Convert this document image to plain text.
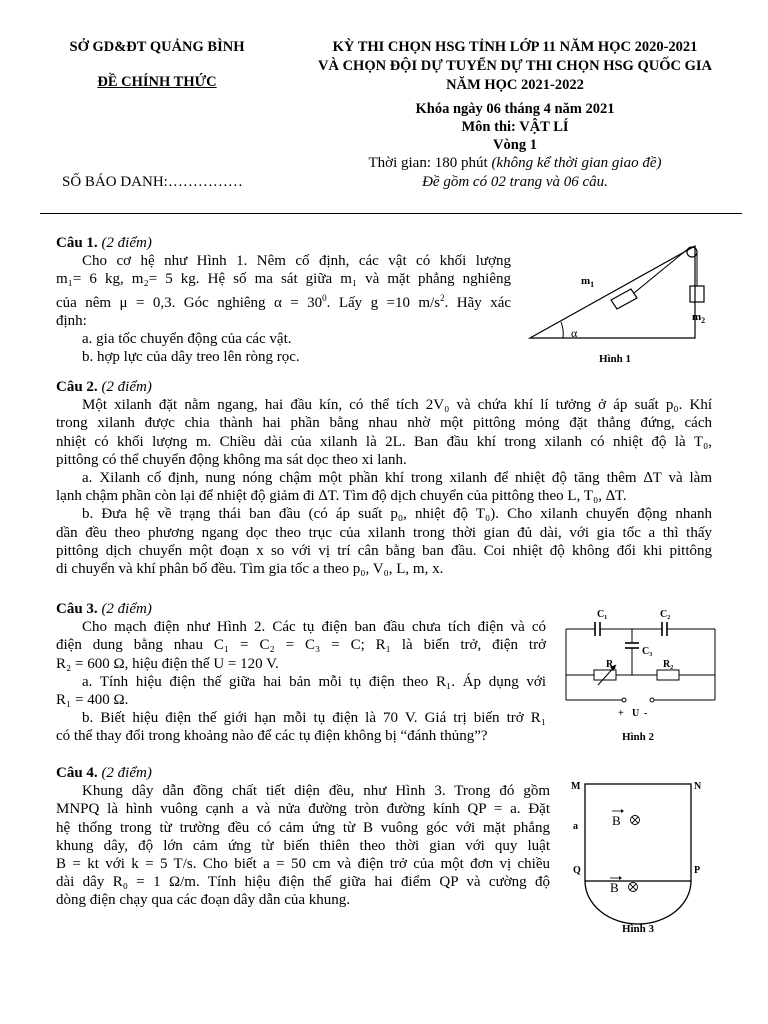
SỞ GD&ĐT QUẢNG BÌNH
ĐỀ CHÍNH THỨC
SỐ BÁO DANH:……………
KỲ THI CHỌN HSG TỈNH LỚP 11 NĂM HỌC 2020-2021
VÀ CHỌN ĐỘI DỰ TUYỂN DỰ THI CHỌN HSG QUỐC GIA
NĂM HỌC 2021-2022
Khóa ngày 06 tháng 4 năm 2021
Môn thi: VẬT LÍ
Vòng 1
Thời gian: 180 phút (không kể thời gian giao đề)
Đề gồm có 02 trang và 06 câu.
Câu 1. (2 điểm)
Cho cơ hệ như Hình 1. Nêm cố định, các vật có khối lượng
m₁= 6 kg, m₂= 5 kg. Hệ số ma sát giữa m₁ và mặt phẳng nghiêng
của nêm μ = 0,3. Góc nghiêng $\alpha = 30^0$. Lấy g =10 $m/s^2$. Hãy xác
định:
a. gia tốc chuyển động của các vật.
b. hợp lực của dây treo lên ròng rọc.
$m_1$
$m_2$
α
Hình 1
Câu 2. (2 điểm)
Một xilanh đặt nằm ngang, hai đầu kín, có thể tích 2V₀ và chứa khí lí tưởng ở áp suất p₀. Khí
trong xilanh được chia thành hai phần bằng nhau nhờ một pittông mỏng đặt thẳng đứng, cách
nhiệt có khối lượng m. Chiều dài của xilanh là 2L. Ban đầu khí trong xilanh có nhiệt độ là T₀,
pittông có thể chuyển động không ma sát dọc theo xi lanh.
a. Xilanh cố định, nung nóng chậm một phần khí trong xilanh để nhiệt độ tăng thêm ∆T và làm
lạnh chậm phần còn lại để nhiệt độ giảm đi ∆T. Tìm độ dịch chuyển của pittông theo L, T₀, ∆T.
b. Đưa hệ về trạng thái ban đầu (có áp suất p₀, nhiệt độ T₀). Cho xilanh chuyển động nhanh
dần đều theo phương ngang dọc theo trục của xilanh trong thời gian đủ dài, với gia tốc a thì thấy
pittông dịch chuyển một đoạn x so với vị trí cân bằng ban đầu. Coi nhiệt độ không đổi khi pittông
di chuyển và khí phân bố đều. Tìm gia tốc a theo p₀, V₀, L, m, x.
Câu 3. (2 điểm)
Cho mạch điện như Hình 2. Các tụ điện ban đầu chưa tích điện và có
điện dung bằng nhau C₁ = C₂ = C₃ = C; R₁ là biến trở, điện trở
R₂ = 600 Ω, hiệu điện thế U = 120 V.
a. Tính hiệu điện thế giữa hai bản mỗi tụ điện theo R₁. Áp dụng với
R₁ = 400 Ω.
b. Biết hiệu điện thế giới hạn mỗi tụ điện là 70 V. Giá trị biến trở R₁
có thể thay đổi trong khoảng nào để các tụ điện không bị “đánh thủng”?
C₁	C₂
C₃
R₁	R₂
+ U -
Hình 2
Câu 4. (2 điểm)
Khung dây dẫn đồng chất tiết diện đều, như Hình 3. Trong đó gồm
MNPQ là hình vuông cạnh a và nửa đường tròn đường kính QP = a. Đặt
hệ thống trong từ trường đều có cảm ứng từ B vuông góc với mặt phẳng
khung dây, độ lớn cảm ứng từ biến thiên theo thời gian với quy luật
B = kt với k = 5 T/s. Cho biết a = 50 cm và điện trở của một đơn vị chiều
dài dây R₀ = 1 Ω/m. Tính hiệu điện thế giữa hai điểm QP và cường độ
dòng điện chạy qua các đoạn dây dẫn của khung.
M	N
Q	P
a	B
B
Hình 3
